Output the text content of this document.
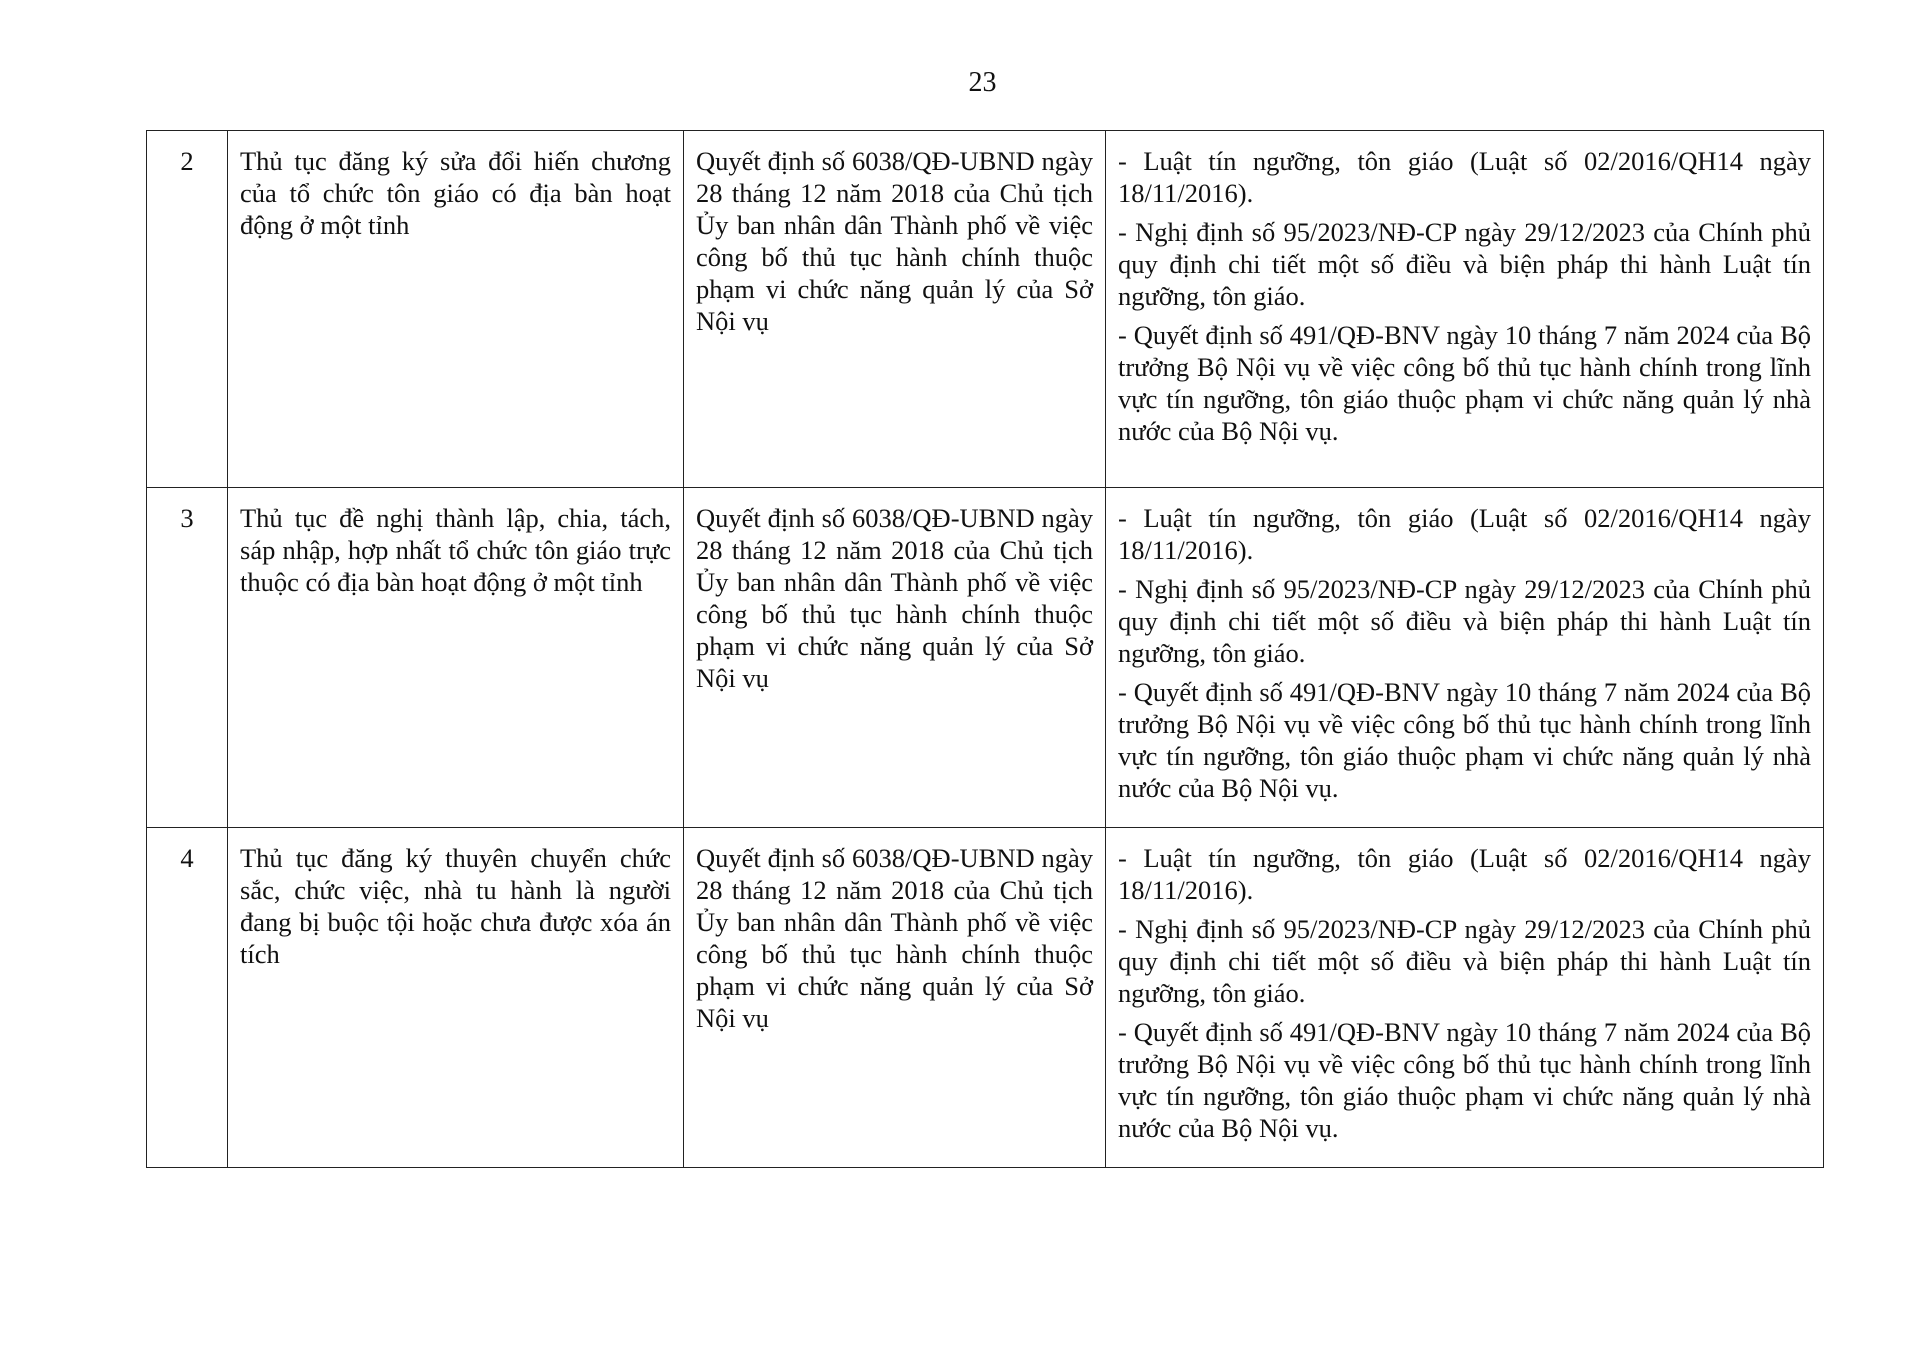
23
2	Thủ tục đăng ký sửa đổi hiến chương của tổ chức tôn giáo có địa bàn hoạt động ở một tỉnh	Quyết định số 6038/QĐ-UBND ngày 28 tháng 12 năm 2018 của Chủ tịch Ủy ban nhân dân Thành phố về việc công bố thủ tục hành chính thuộc phạm vi chức năng quản lý của Sở Nội vụ	- Luật tín ngưỡng, tôn giáo (Luật số 02/2016/QH14 ngày 18/11/2016).

- Nghị định số 95/2023/NĐ-CP ngày 29/12/2023 của Chính phủ quy định chi tiết một số điều và biện pháp thi hành Luật tín ngưỡng, tôn giáo.

- Quyết định số 491/QĐ-BNV ngày 10 tháng 7 năm 2024 của Bộ trưởng Bộ Nội vụ về việc công bố thủ tục hành chính trong lĩnh vực tín ngưỡng, tôn giáo thuộc phạm vi chức năng quản lý nhà nước của Bộ Nội vụ.

3	Thủ tục đề nghị thành lập, chia, tách, sáp nhập, hợp nhất tổ chức tôn giáo trực thuộc có địa bàn hoạt động ở một tỉnh	Quyết định số 6038/QĐ-UBND ngày 28 tháng 12 năm 2018 của Chủ tịch Ủy ban nhân dân Thành phố về việc công bố thủ tục hành chính thuộc phạm vi chức năng quản lý của Sở Nội vụ	- Luật tín ngưỡng, tôn giáo (Luật số 02/2016/QH14 ngày 18/11/2016).

- Nghị định số 95/2023/NĐ-CP ngày 29/12/2023 của Chính phủ quy định chi tiết một số điều và biện pháp thi hành Luật tín ngưỡng, tôn giáo.

- Quyết định số 491/QĐ-BNV ngày 10 tháng 7 năm 2024 của Bộ trưởng Bộ Nội vụ về việc công bố thủ tục hành chính trong lĩnh vực tín ngưỡng, tôn giáo thuộc phạm vi chức năng quản lý nhà nước của Bộ Nội vụ.

4	Thủ tục đăng ký thuyên chuyển chức sắc, chức việc, nhà tu hành là người đang bị buộc tội hoặc chưa được xóa án tích	Quyết định số 6038/QĐ-UBND ngày 28 tháng 12 năm 2018 của Chủ tịch Ủy ban nhân dân Thành phố về việc công bố thủ tục hành chính thuộc phạm vi chức năng quản lý của Sở Nội vụ	- Luật tín ngưỡng, tôn giáo (Luật số 02/2016/QH14 ngày 18/11/2016).

- Nghị định số 95/2023/NĐ-CP ngày 29/12/2023 của Chính phủ quy định chi tiết một số điều và biện pháp thi hành Luật tín ngưỡng, tôn giáo.

- Quyết định số 491/QĐ-BNV ngày 10 tháng 7 năm 2024 của Bộ trưởng Bộ Nội vụ về việc công bố thủ tục hành chính trong lĩnh vực tín ngưỡng, tôn giáo thuộc phạm vi chức năng quản lý nhà nước của Bộ Nội vụ.
